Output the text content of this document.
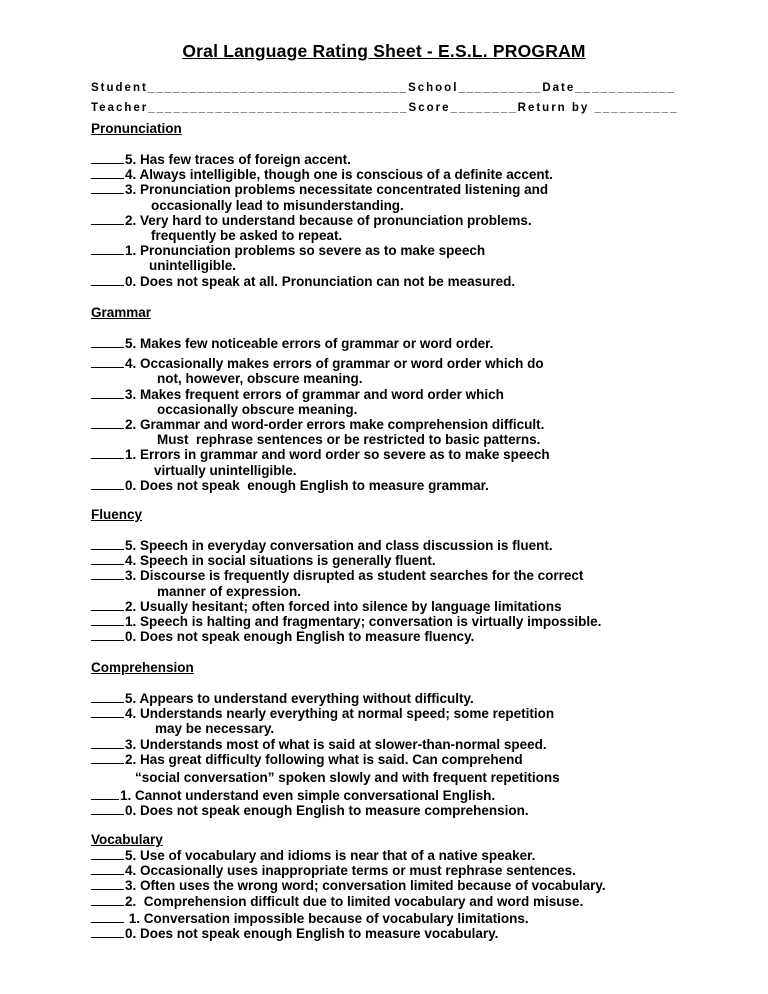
Oral Language Rating Sheet - E.S.L. PROGRAM
Student_______________________________School__________Date____________
Teacher_______________________________Score________Return by __________
Pronunciation
5. Has few traces of foreign accent.
4. Always intelligible, though one is conscious of a definite accent.
3. Pronunciation problems necessitate concentrated listening and
occasionally lead to misunderstanding.
2. Very hard to understand because of pronunciation problems.
frequently be asked to repeat.
1. Pronunciation problems so severe as to make speech
unintelligible.
0. Does not speak at all. Pronunciation can not be measured.
Grammar
5. Makes few noticeable errors of grammar or word order.
4. Occasionally makes errors of grammar or word order which do
not, however, obscure meaning.
3. Makes frequent errors of grammar and word order which
occasionally obscure meaning.
2. Grammar and word-order errors make comprehension difficult.
Must  rephrase sentences or be restricted to basic patterns.
1. Errors in grammar and word order so severe as to make speech
virtually unintelligible.
0. Does not speak  enough English to measure grammar.
Fluency
5. Speech in everyday conversation and class discussion is fluent.
4. Speech in social situations is generally fluent.
3. Discourse is frequently disrupted as student searches for the correct
manner of expression.
2. Usually hesitant; often forced into silence by language limitations
1. Speech is halting and fragmentary; conversation is virtually impossible.
0. Does not speak enough English to measure fluency.
Comprehension
5. Appears to understand everything without difficulty.
4. Understands nearly everything at normal speed; some repetition
may be necessary.
3. Understands most of what is said at slower-than-normal speed.
2. Has great difficulty following what is said. Can comprehend
“social conversation” spoken slowly and with frequent repetitions
1. Cannot understand even simple conversational English.
0. Does not speak enough English to measure comprehension.
Vocabulary
5. Use of vocabulary and idioms is near that of a native speaker.
4. Occasionally uses inappropriate terms or must rephrase sentences.
3. Often uses the wrong word; conversation limited because of vocabulary.
2.  Comprehension difficult due to limited vocabulary and word misuse.
1. Conversation impossible because of vocabulary limitations.
0. Does not speak enough English to measure vocabulary.
